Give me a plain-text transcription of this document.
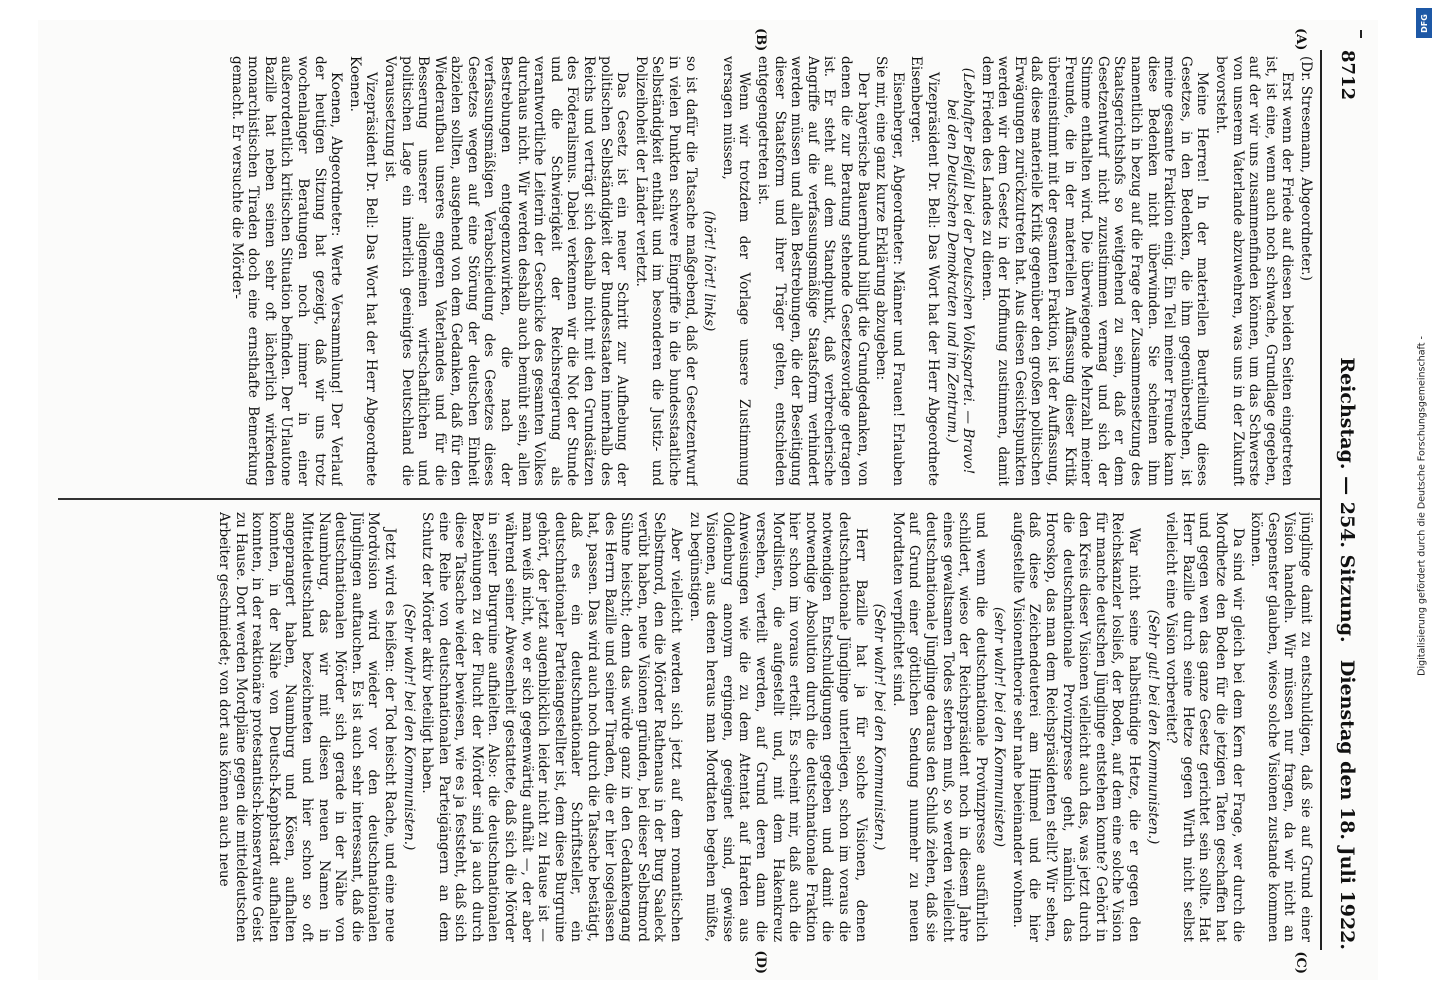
8712
Reichstag. — 254. Sitzung.
Dienstag den 18. Juli 1922.
(A)
(B)
(C)
(D)

(Dr. Stresemann, Abgeordneter.)

Erst wenn der Friede auf diesen beiden Seiten eingetreten ist, ist eine, wenn auch noch schwache, Grundlage gegeben, auf der wir uns zusammenfinden können, um das Schwerste von unserem Vaterlande abzuwehren, was uns in der Zukunft bevorsteht.

Meine Herren! In der materiellen Beurteilung dieses Gesetzes, in den Bedenken, die ihm gegenüberstehen, ist meine gesamte Fraktion einig. Ein Teil meiner Freunde kann diese Bedenken nicht überwinden. Sie scheinen ihm namentlich in bezug auf die Frage der Zusammensetzung des Staatsgerichtshofs so weitgehend zu sein, daß er dem Gesetzentwurf nicht zuzustimmen vermag und sich der Stimme enthalten wird. Die überwiegende Mehrzahl meiner Freunde, die in der materiellen Auffassung dieser Kritik übereinstimmt mit der gesamten Fraktion, ist der Auffassung, daß diese materielle Kritik gegenüber den großen politischen Erwägungen zurückzutreten hat. Aus diesen Gesichtspunkten werden wir dem Gesetz in der Hoffnung zustimmen, damit dem Frieden des Landes zu dienen.

(Lebhafter Beifall bei der Deutschen Volkspartei. — Bravo! bei den Deutschen Demokraten und im Zentrum.)

Vizepräsident Dr. Bell: Das Wort hat der Herr Abgeordnete Eisenberger.

Eisenberger, Abgeordneter: Männer und Frauen! Erlauben Sie mir, eine ganz kurze Erklärung abzugeben:

Der bayerische Bauernbund billigt die Grundgedanken, von denen die zur Beratung stehende Gesetzesvorlage getragen ist. Er steht auf dem Standpunkt, daß verbrecherische Angriffe auf die verfassungsmäßige Staatsform verhindert werden müssen und allen Bestrebungen, die der Beseitigung dieser Staatsform und ihrer Träger gelten, entschieden entgegengetreten ist.

Wenn wir trotzdem der Vorlage unsere Zustimmung versagen müssen,

(hört! hört! links)

so ist dafür die Tatsache maßgebend, daß der Gesetzentwurf in vielen Punkten schwere Eingriffe in die bundesstaatliche Selbständigkeit enthält und im besonderen die Justiz- und Polizeihoheit der Länder verletzt.

Das Gesetz ist ein neuer Schritt zur Aufhebung der politischen Selbständigkeit der Bundesstaaten innerhalb des Reichs und verträgt sich deshalb nicht mit den Grundsätzen des Föderalismus. Dabei verkennen wir die Not der Stunde und die Schwierigkeit der Reichsregierung als verantwortliche Leiterin der Geschicke des gesamten Volkes durchaus nicht. Wir werden deshalb auch bemüht sein, allen Bestrebungen entgegenzuwirken, die nach der verfassungsmäßigen Verabschiedung des Gesetzes dieses Gesetzes wegen auf eine Störung der deutschen Einheit abzielen sollten, ausgehend von dem Gedanken, daß für den Wiederaufbau unseres engeren Vaterlandes und für die Besserung unserer allgemeinen wirtschaftlichen und politischen Lage ein innerlich geeinigtes Deutschland die Voraussetzung ist.

Vizepräsident Dr. Bell: Das Wort hat der Herr Abgeordnete Koenen.

Koenen, Abgeordneter: Werte Versammlung! Der Verlauf der heutigen Sitzung hat gezeigt, daß wir uns trotz wochenlanger Beratungen noch immer in einer außerordentlich kritischen Situation befinden. Der Urlautone Bazille hat neben seinen sehr oft lächerlich wirkenden monarchistischen Tiraden doch eine ernsthafte Bemerkung gemacht. Er versuchte die Mörder-

jünglinge damit zu entschuldigen, daß sie auf Grund einer Vision handeln. Wir müssen nur fragen, da wir nicht an Gespenster glauben, wieso solche Visionen zustande kommen können.

Da sind wir gleich bei dem Kern der Frage, wer durch die Mordhetze den Boden für die jetzigen Taten geschaffen hat und gegen wen das ganze Gesetz gerichtet sein sollte. Hat Herr Bazille durch seine Hetze gegen Wirth nicht selbst vielleicht eine Vision vorbereitet?

(Sehr gut! bei den Kommunisten.)

War nicht seine halbstündige Hetze, die er gegen den Reichskanzler losließ, der Boden, auf dem eine solche Vision für manche deutschen Jünglinge entstehen konnte? Gehört in den Kreis dieser Visionen vielleicht auch das, was jetzt durch die deutschnationale Provinzpresse geht, nämlich das Horoskop, das man dem Reichspräsidenten stellt? Wir sehen, daß diese Zeichendeuterei am Himmel und die hier aufgestellte Visionentheorie sehr nahe beieinander wohnen.

(sehr wahr! bei den Kommunisten)

und wenn die deutschnationale Provinzpresse ausführlich schildert, wieso der Reichspräsident noch in diesem Jahre eines gewaltsamen Todes sterben muß, so werden vielleicht deutschnationale Jünglinge daraus den Schluß ziehen, daß sie auf Grund einer göttlichen Sendung nunmehr zu neuen Mordtaten verpflichtet sind.

(Sehr wahr! bei den Kommunisten.)

Herr Bazille hat ja für solche Visionen, denen deutschnationale Jünglinge unterliegen, schon im voraus die notwendigen Entschuldigungen gegeben und damit die notwendige Absolution durch die deutschnationale Fraktion hier schon im voraus erteilt. Es scheint mir, daß auch die Mordlisten, die aufgestellt und, mit dem Hakenkreuz versehen, verteilt werden, auf Grund deren dann die Anweisungen wie die zu dem Attentat auf Harden aus Oldenburg anonym ergingen, geeignet sind, gewisse Visionen, aus denen heraus man Mordtaten begehen müßte, zu begünstigen.

Aber vielleicht werden sich jetzt auf dem romantischen Selbstmord, den die Mörder Rathenaus in der Burg Saaleck verübt haben, neue Visionen gründen, bei dieser Selbstmord Sühne heischt; denn das würde ganz in den Gedankengang des Herrn Bazille und seiner Tiraden, die er hier losgelassen hat, passen. Das wird auch noch durch die Tatsache bestätigt, daß es ein deutschnationaler Schriftsteller, ein deutschnationaler Parteiangestellter ist, dem diese Burgruine gehört, der jetzt augenblicklich leider nicht zu Hause ist — man weiß nicht, wo er sich gegenwärtig aufhält —, der aber während seiner Abwesenheit gestattete, daß sich die Mörder in seiner Burgruine aufhielten. Also: die deutschnationalen Beziehungen zu der Flucht der Mörder sind ja auch durch diese Tatsache wieder bewiesen, wie es ja feststeht, daß sich eine Reihe von deutschnationalen Parteigängern an dem Schutz der Mörder aktiv beteiligt haben.

(Sehr wahr! bei den Kommunisten.)

Jetzt wird es heißen: der Tod heischt Rache, und eine neue Mordvision wird wieder vor den deutschnationalen Jünglingen auftauchen. Es ist auch sehr interessant, daß die deutschnationalen Mörder sich gerade in der Nähe von Naumburg, das wir mit diesen neuen Namen in Mitteldeutschland bezeichneten und hier schon so oft angeprangert haben, Naumburg und Kösen, aufhalten konnten, in der Nähe von Deutsch-Kapphstadt aufhalten konnten, in der reaktionäre protestantisch-konservative Geist zu Hause. Dort werden Mordpläne gegen die mitteldeutschen Arbeiter geschmiedet; von dort aus können auch neue

DFG
Digitalisierung gefördert durch die Deutsche Forschungsgemeinschaft -
